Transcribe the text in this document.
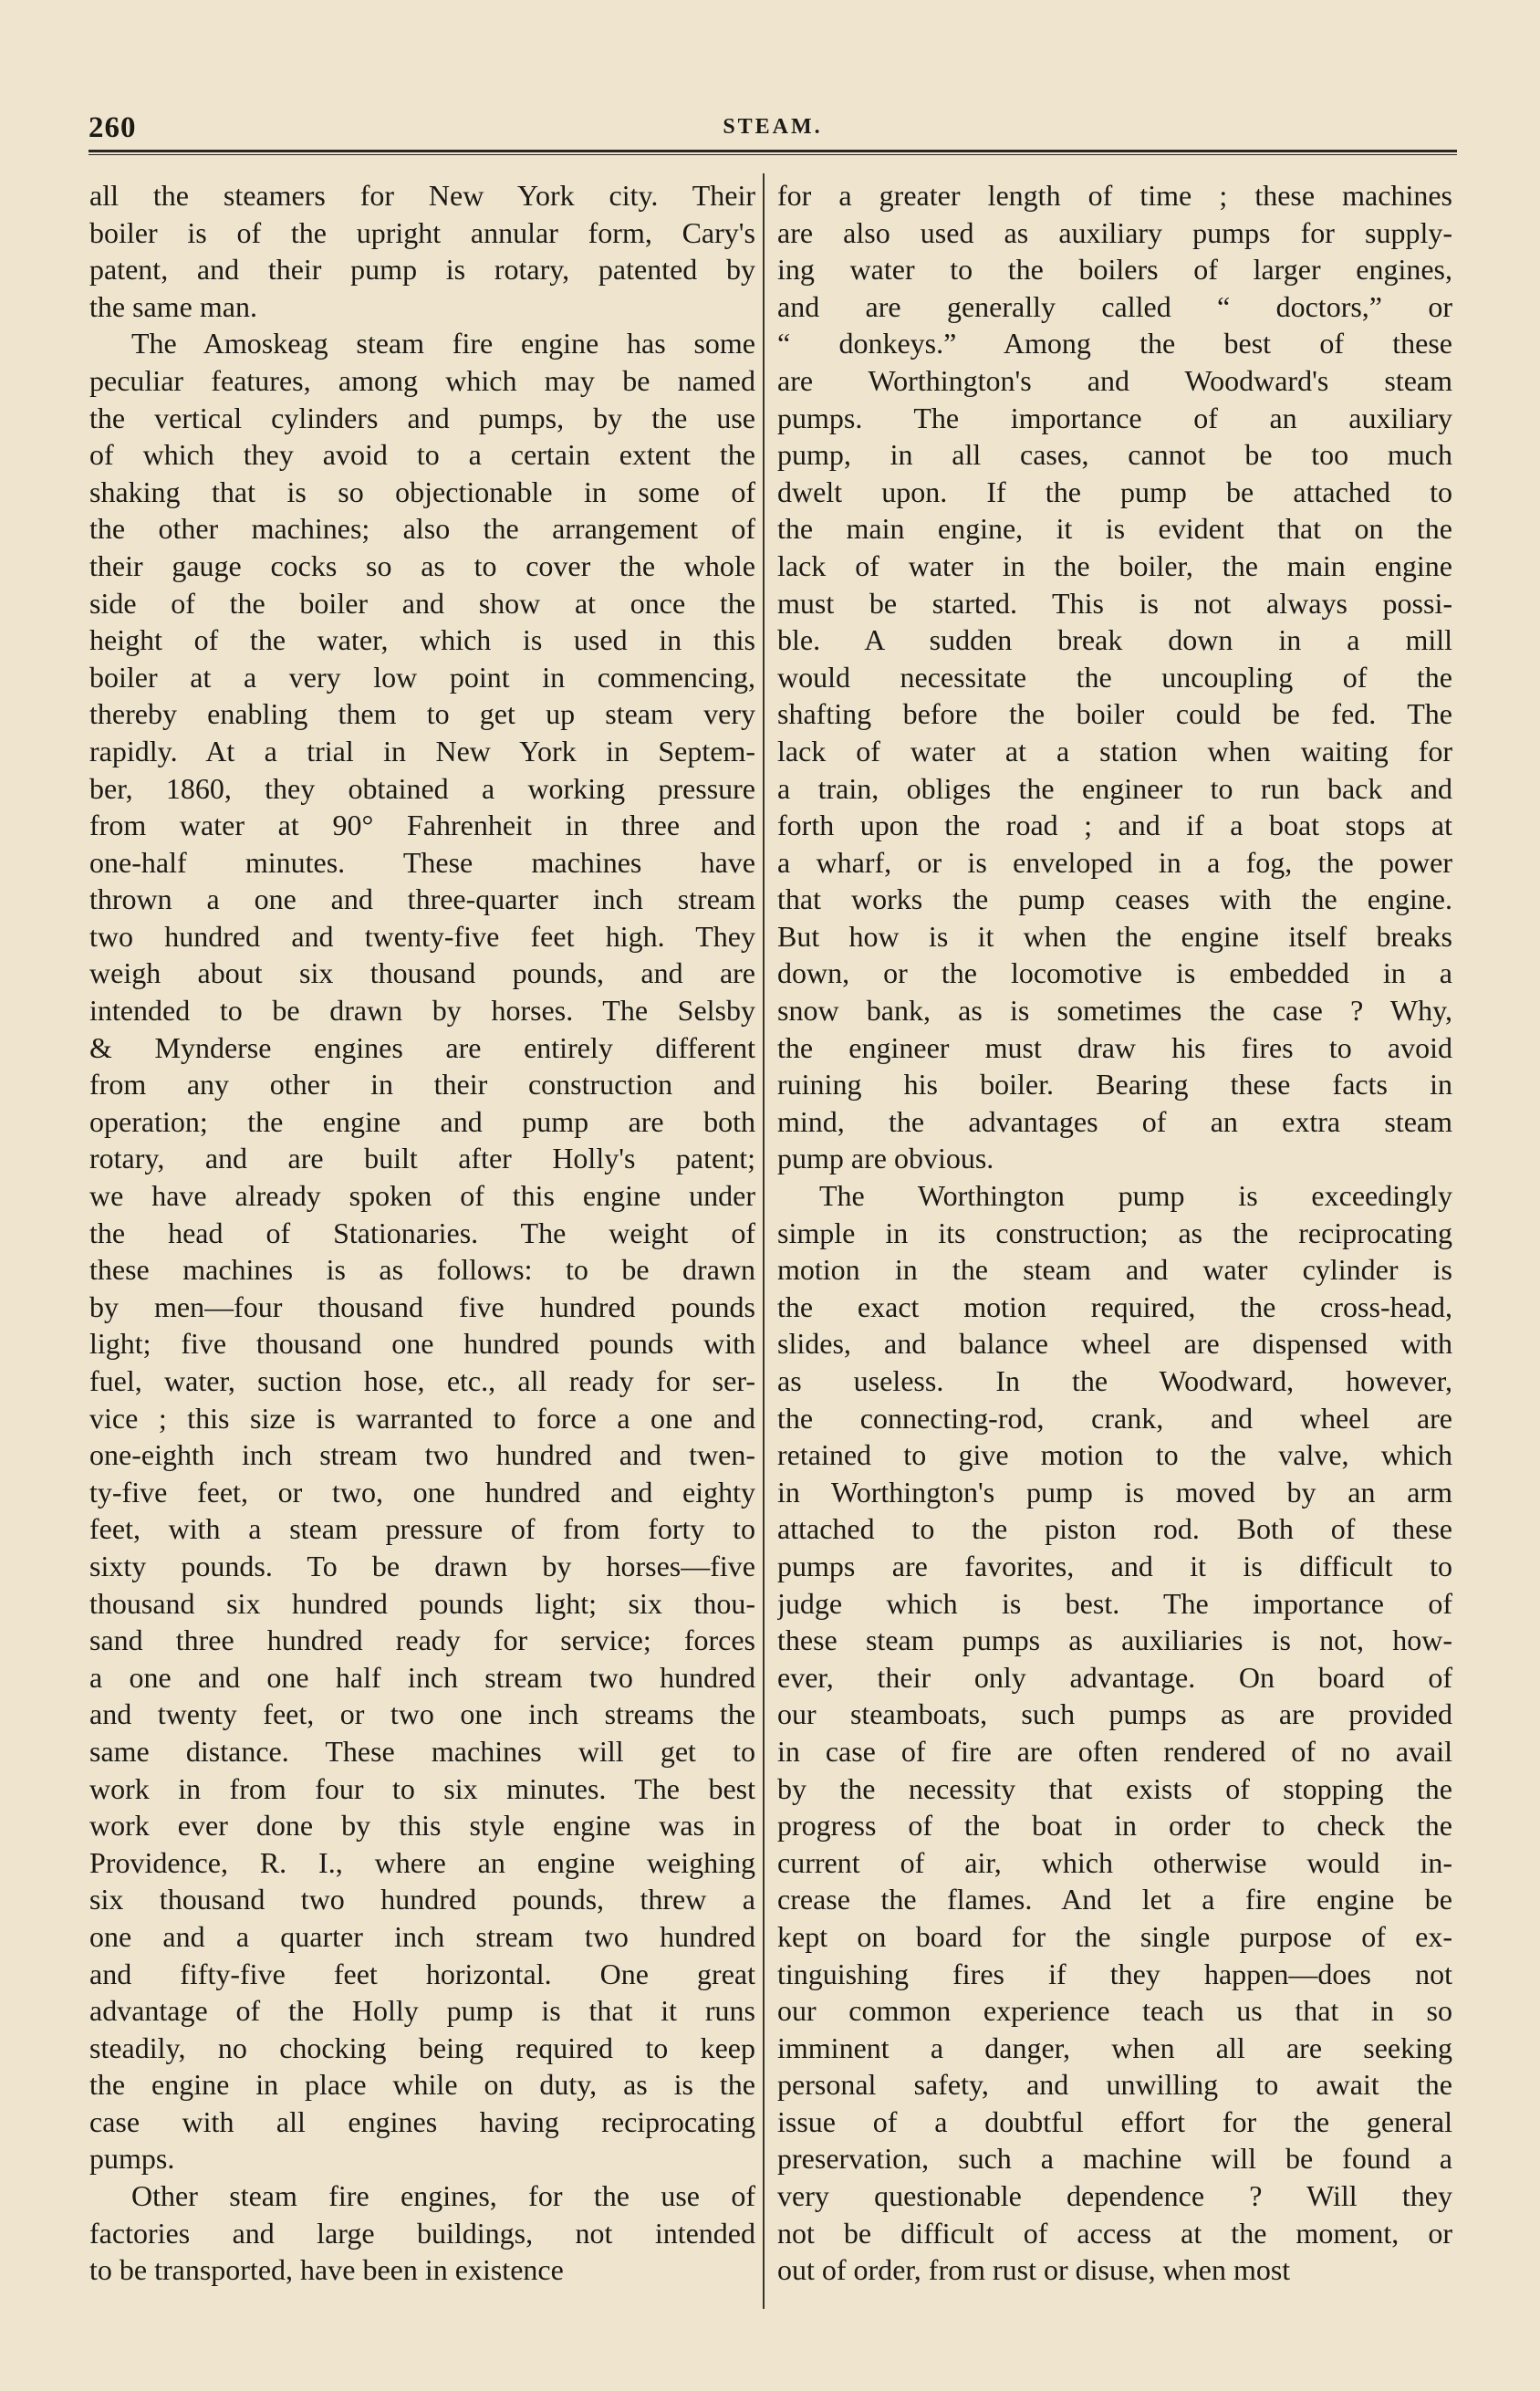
260	STEAM.
all the steamers for New York city. Their
boiler is of the upright annular form, Cary's
patent, and their pump is rotary, patented by
the same man.
The Amoskeag steam fire engine has some
peculiar features, among which may be named
the vertical cylinders and pumps, by the use
of which they avoid to a certain extent the
shaking that is so objectionable in some of
the other machines; also the arrangement of
their gauge cocks so as to cover the whole
side of the boiler and show at once the
height of the water, which is used in this
boiler at a very low point in commencing,
thereby enabling them to get up steam very
rapidly. At a trial in New York in Septem-
ber, 1860, they obtained a working pressure
from water at 90° Fahrenheit in three and
one-half minutes. These machines have
thrown a one and three-quarter inch stream
two hundred and twenty-five feet high. They
weigh about six thousand pounds, and are
intended to be drawn by horses. The Selsby
& Mynderse engines are entirely different
from any other in their construction and
operation; the engine and pump are both
rotary, and are built after Holly's patent;
we have already spoken of this engine under
the head of Stationaries. The weight of
these machines is as follows: to be drawn
by men—four thousand five hundred pounds
light; five thousand one hundred pounds with
fuel, water, suction hose, etc., all ready for ser-
vice ; this size is warranted to force a one and
one-eighth inch stream two hundred and twen-
ty-five feet, or two, one hundred and eighty
feet, with a steam pressure of from forty to
sixty pounds. To be drawn by horses—five
thousand six hundred pounds light; six thou-
sand three hundred ready for service; forces
a one and one half inch stream two hundred
and twenty feet, or two one inch streams the
same distance. These machines will get to
work in from four to six minutes. The best
work ever done by this style engine was in
Providence, R. I., where an engine weighing
six thousand two hundred pounds, threw a
one and a quarter inch stream two hundred
and fifty-five feet horizontal. One great
advantage of the Holly pump is that it runs
steadily, no chocking being required to keep
the engine in place while on duty, as is the
case with all engines having reciprocating
pumps.
Other steam fire engines, for the use of
factories and large buildings, not intended
to be transported, have been in existence
for a greater length of time ; these machines
are also used as auxiliary pumps for supply-
ing water to the boilers of larger engines,
and are generally called “ doctors,” or
“ donkeys.” Among the best of these
are Worthington's and Woodward's steam
pumps. The importance of an auxiliary
pump, in all cases, cannot be too much
dwelt upon. If the pump be attached to
the main engine, it is evident that on the
lack of water in the boiler, the main engine
must be started. This is not always possi-
ble. A sudden break down in a mill
would necessitate the uncoupling of the
shafting before the boiler could be fed. The
lack of water at a station when waiting for
a train, obliges the engineer to run back and
forth upon the road ; and if a boat stops at
a wharf, or is enveloped in a fog, the power
that works the pump ceases with the engine.
But how is it when the engine itself breaks
down, or the locomotive is embedded in a
snow bank, as is sometimes the case ? Why,
the engineer must draw his fires to avoid
ruining his boiler. Bearing these facts in
mind, the advantages of an extra steam
pump are obvious.
The Worthington pump is exceedingly
simple in its construction; as the reciprocating
motion in the steam and water cylinder is
the exact motion required, the cross-head,
slides, and balance wheel are dispensed with
as useless. In the Woodward, however,
the connecting-rod, crank, and wheel are
retained to give motion to the valve, which
in Worthington's pump is moved by an arm
attached to the piston rod. Both of these
pumps are favorites, and it is difficult to
judge which is best. The importance of
these steam pumps as auxiliaries is not, how-
ever, their only advantage. On board of
our steamboats, such pumps as are provided
in case of fire are often rendered of no avail
by the necessity that exists of stopping the
progress of the boat in order to check the
current of air, which otherwise would in-
crease the flames. And let a fire engine be
kept on board for the single purpose of ex-
tinguishing fires if they happen—does not
our common experience teach us that in so
imminent a danger, when all are seeking
personal safety, and unwilling to await the
issue of a doubtful effort for the general
preservation, such a machine will be found a
very questionable dependence ? Will they
not be difficult of access at the moment, or
out of order, from rust or disuse, when most
